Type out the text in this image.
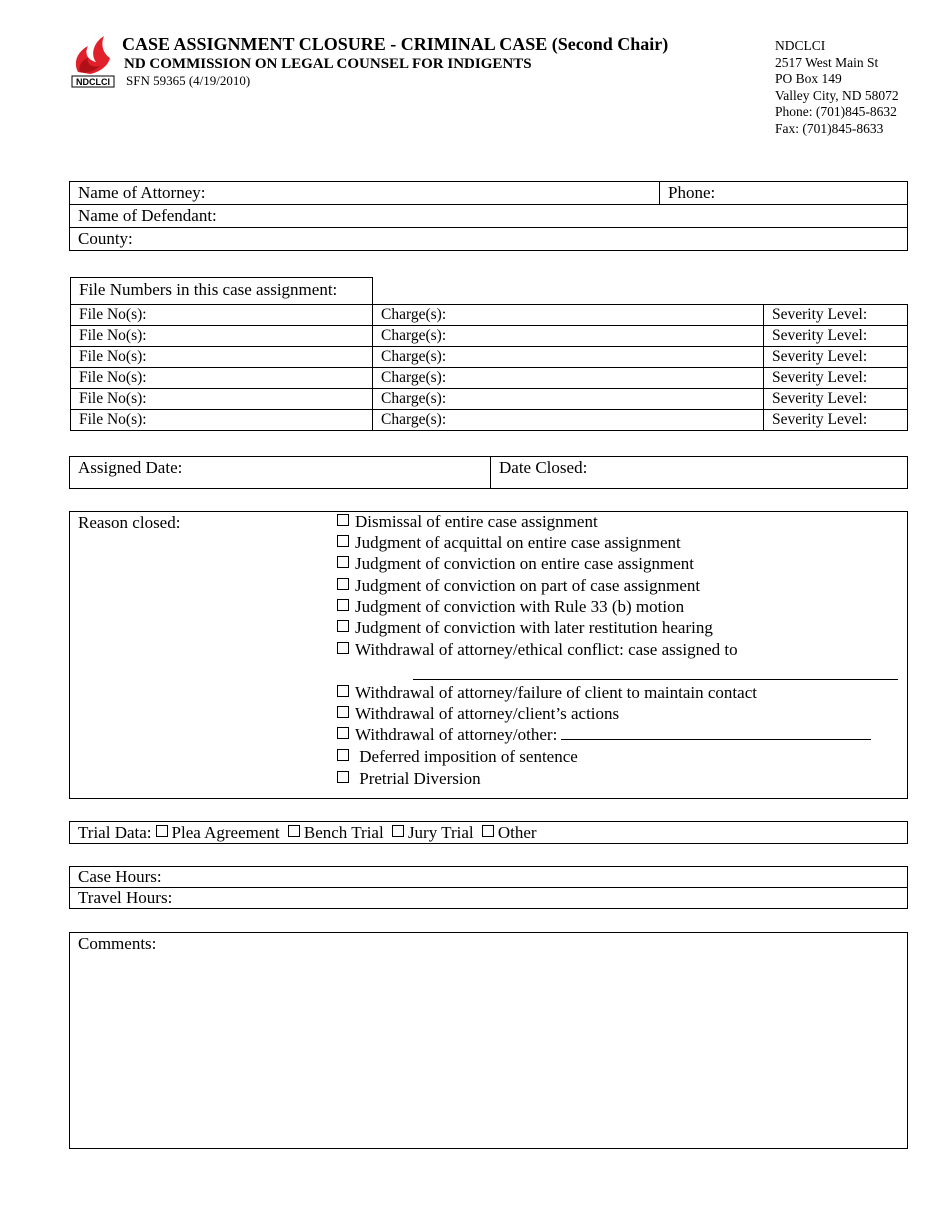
NDCLCI
CASE ASSIGNMENT CLOSURE - CRIMINAL CASE (Second Chair)
ND COMMISSION ON LEGAL COUNSEL FOR INDIGENTS
SFN 59365 (4/19/2010)
NDCLCI
2517 West Main St
PO Box 149
Valley City, ND 58072
Phone: (701)845-8632
Fax: (701)845-8633
Name of Attorney:	Phone:
Name of Defendant:
County:
File Numbers in this case assignment:
File No(s):	Charge(s):	Severity Level:
File No(s):	Charge(s):	Severity Level:
File No(s):	Charge(s):	Severity Level:
File No(s):	Charge(s):	Severity Level:
File No(s):	Charge(s):	Severity Level:
File No(s):	Charge(s):	Severity Level:
Assigned Date:	Date Closed:
Reason closed:	Dismissal of entire case assignment
Judgment of acquittal on entire case assignment
Judgment of conviction on entire case assignment
Judgment of conviction on part of case assignment
Judgment of conviction with Rule 33 (b) motion
Judgment of conviction with later restitution hearing
Withdrawal of attorney/ethical conflict: case assigned to
Withdrawal of attorney/failure of client to maintain contact
Withdrawal of attorney/client’s actions
Withdrawal of attorney/other:
Deferred imposition of sentence
Pretrial Diversion
Trial Data: Plea Agreement Bench Trial Jury Trial Other
Case Hours:
Travel Hours:
Comments:
